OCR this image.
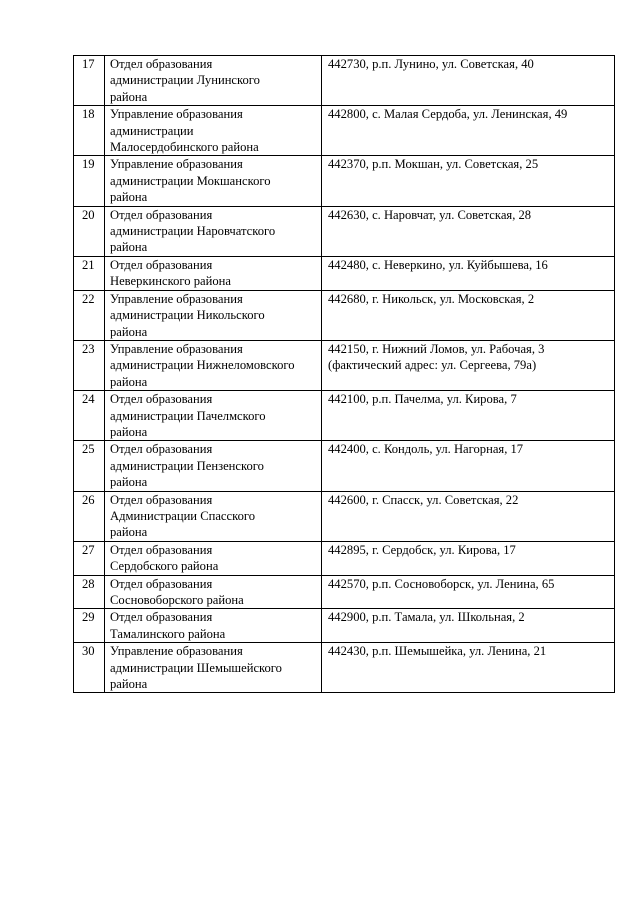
17	Отдел образования
администрации Лунинского
района	442730, р.п. Лунино, ул. Советская, 40
18	Управление образования
администрации
Малосердобинского района	442800, с. Малая Сердоба, ул. Ленинская, 49
19	Управление образования
администрации Мокшанского
района	442370, р.п. Мокшан, ул. Советская, 25
20	Отдел образования
администрации Наровчатского
района	442630, с. Наровчат, ул. Советская, 28
21	Отдел образования
Неверкинского района	442480, с. Неверкино, ул. Куйбышева, 16
22	Управление образования
администрации Никольского
района	442680, г. Никольск, ул. Московская, 2
23	Управление образования
администрации Нижнеломовского
района	442150, г. Нижний Ломов, ул. Рабочая, 3
(фактический адрес: ул. Сергеева, 79а)
24	Отдел образования
администрации Пачелмского
района	442100, р.п. Пачелма, ул. Кирова, 7
25	Отдел образования
администрации Пензенского
района	442400, с. Кондоль, ул. Нагорная, 17
26	Отдел образования
Администрации Спасского
района	442600, г. Спасск, ул. Советская, 22
27	Отдел образования
Сердобского района	442895, г. Сердобск, ул. Кирова, 17
28	Отдел образования
Сосновоборского района	442570, р.п. Сосновоборск, ул. Ленина, 65
29	Отдел образования
Тамалинского района	442900, р.п. Тамала, ул. Школьная, 2
30	Управление образования
администрации Шемышейского
района	442430, р.п. Шемышейка, ул. Ленина, 21
